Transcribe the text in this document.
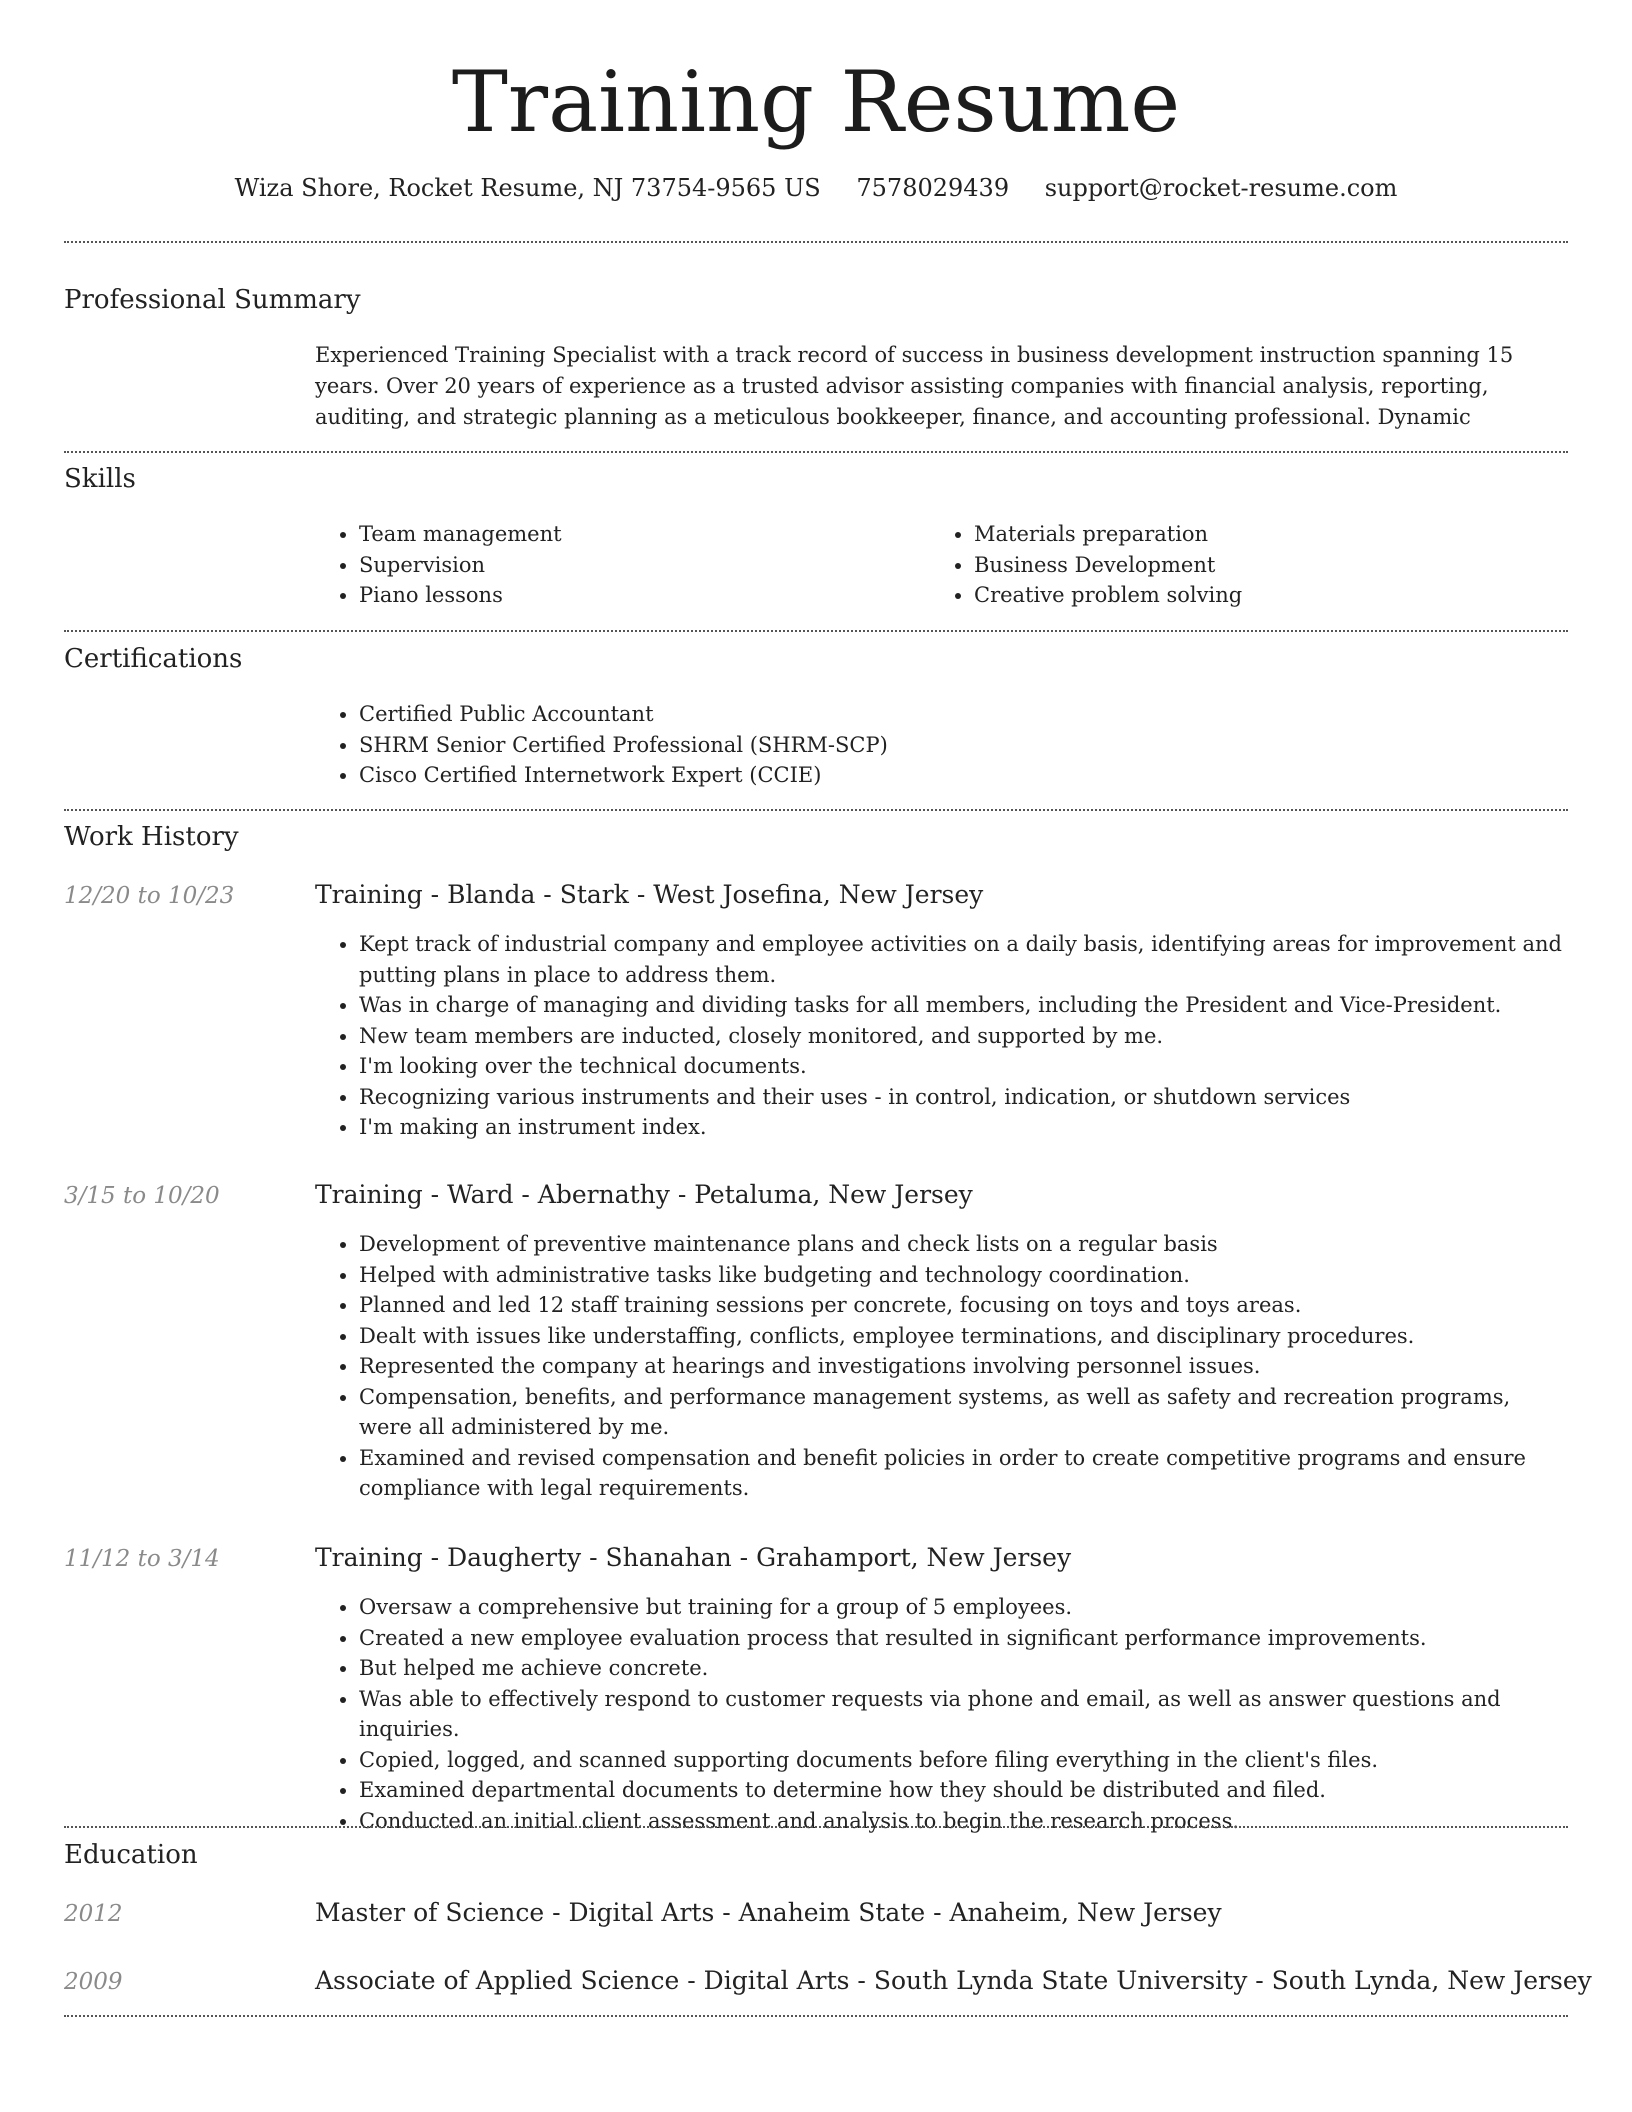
Training Resume
Wiza Shore, Rocket Resume, NJ 73754-9565 US 7578029439 support@rocket-resume.com
Professional Summary

Experienced Training Specialist with a track record of success in business development instruction spanning 15 years. Over 20 years of experience as a trusted advisor assisting companies with financial analysis, reporting, auditing, and strategic planning as a meticulous bookkeeper, finance, and accounting professional. Dynamic

Skills
• Team management
• Supervision
• Piano lessons
• Materials preparation
• Business Development
• Creative problem solving
Certifications
• Certified Public Accountant
• SHRM Senior Certified Professional (SHRM-SCP)
• Cisco Certified Internetwork Expert (CCIE)
Work History
12/20 to 10/23	Training - Blanda - Stark - West Josefina, New Jersey
• Kept track of industrial company and employee activities on a daily basis, identifying areas for improvement and putting plans in place to address them.
• Was in charge of managing and dividing tasks for all members, including the President and Vice-President.
• New team members are inducted, closely monitored, and supported by me.
• I'm looking over the technical documents.
• Recognizing various instruments and their uses - in control, indication, or shutdown services
• I'm making an instrument index.
3/15 to 10/20	Training - Ward - Abernathy - Petaluma, New Jersey
• Development of preventive maintenance plans and check lists on a regular basis
• Helped with administrative tasks like budgeting and technology coordination.
• Planned and led 12 staff training sessions per concrete, focusing on toys and toys areas.
• Dealt with issues like understaffing, conflicts, employee terminations, and disciplinary procedures.
• Represented the company at hearings and investigations involving personnel issues.
• Compensation, benefits, and performance management systems, as well as safety and recreation programs, were all administered by me.
• Examined and revised compensation and benefit policies in order to create competitive programs and ensure compliance with legal requirements.
11/12 to 3/14	Training - Daugherty - Shanahan - Grahamport, New Jersey
• Oversaw a comprehensive but training for a group of 5 employees.
• Created a new employee evaluation process that resulted in significant performance improvements.
• But helped me achieve concrete.
• Was able to effectively respond to customer requests via phone and email, as well as answer questions and inquiries.
• Copied, logged, and scanned supporting documents before filing everything in the client's files.
• Examined departmental documents to determine how they should be distributed and filed.
• Conducted an initial client assessment and analysis to begin the research process.
Education
2012	Master of Science - Digital Arts - Anaheim State - Anaheim, New Jersey
2009	Associate of Applied Science - Digital Arts - South Lynda State University - South Lynda, New Jersey
